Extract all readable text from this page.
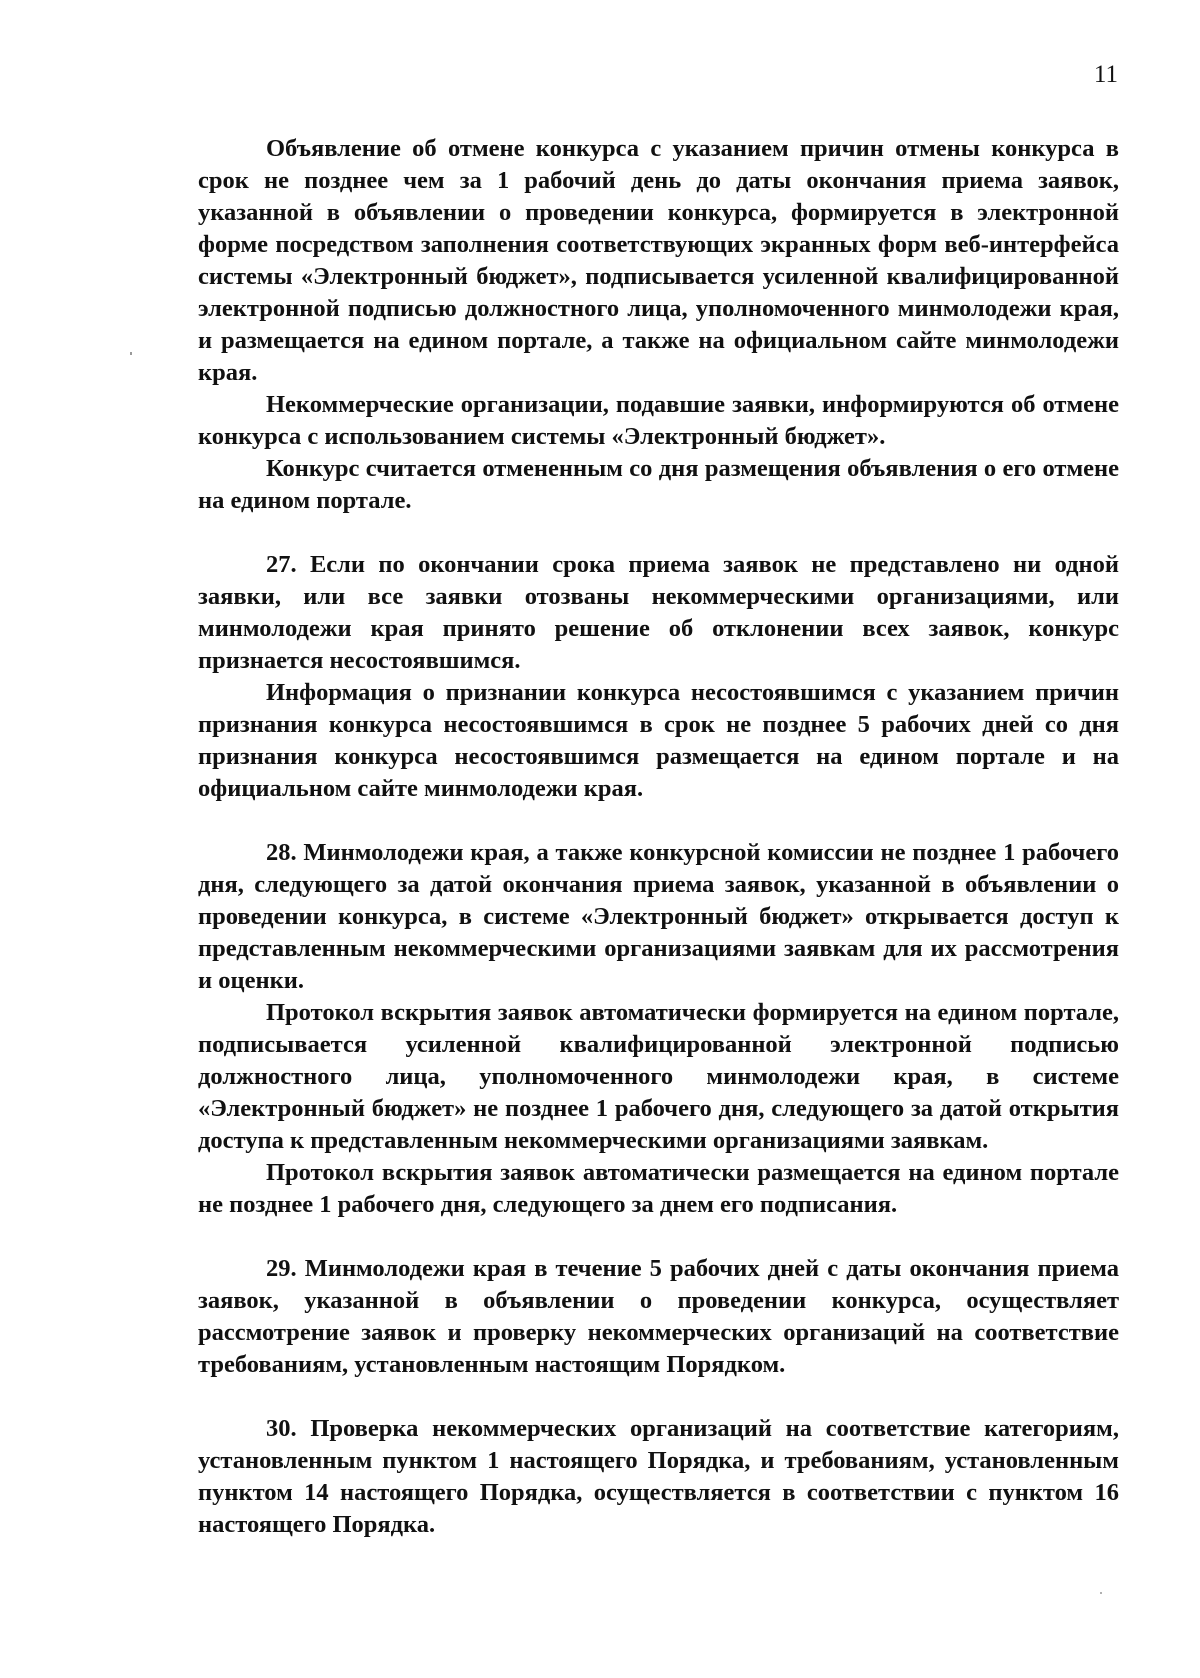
11

Объявление об отмене конкурса с указанием причин отмены конкурса в срок не позднее чем за 1 рабочий день до даты окончания приема заявок, указанной в объявлении о проведении конкурса, формируется в электронной форме посредством заполнения соответствующих экранных форм веб-интерфейса системы «Электронный бюджет», подписывается усиленной квалифицированной электронной подписью должностного лица, уполномоченного минмолодежи края, и размещается на едином портале, а также на официальном сайте минмолодежи края.

Некоммерческие организации, подавшие заявки, информируются об отмене конкурса с использованием системы «Электронный бюджет».

Конкурс считается отмененным со дня размещения объявления о его отмене на едином портале.

27. Если по окончании срока приема заявок не представлено ни одной заявки, или все заявки отозваны некоммерческими организациями, или минмолодежи края принято решение об отклонении всех заявок, конкурс признается несостоявшимся.

Информация о признании конкурса несостоявшимся с указанием причин признания конкурса несостоявшимся в срок не позднее 5 рабочих дней со дня признания конкурса несостоявшимся размещается на едином портале и на официальном сайте минмолодежи края.

28. Минмолодежи края, а также конкурсной комиссии не позднее 1 рабочего дня, следующего за датой окончания приема заявок, указанной в объявлении о проведении конкурса, в системе «Электронный бюджет» открывается доступ к представленным некоммерческими организациями заявкам для их рассмотрения и оценки.

Протокол вскрытия заявок автоматически формируется на едином портале, подписывается усиленной квалифицированной электронной подписью должностного лица, уполномоченного минмолодежи края, в системе «Электронный бюджет» не позднее 1 рабочего дня, следующего за датой открытия доступа к представленным некоммерческими организациями заявкам.

Протокол вскрытия заявок автоматически размещается на едином портале не позднее 1 рабочего дня, следующего за днем его подписания.

29. Минмолодежи края в течение 5 рабочих дней с даты окончания приема заявок, указанной в объявлении о проведении конкурса, осуществляет рассмотрение заявок и проверку некоммерческих организаций на соответствие требованиям, установленным настоящим Порядком.

30. Проверка некоммерческих организаций на соответствие категориям, установленным пунктом 1 настоящего Порядка, и требованиям, установленным пунктом 14 настоящего Порядка, осуществляется в соответствии с пунктом 16 настоящего Порядка.
